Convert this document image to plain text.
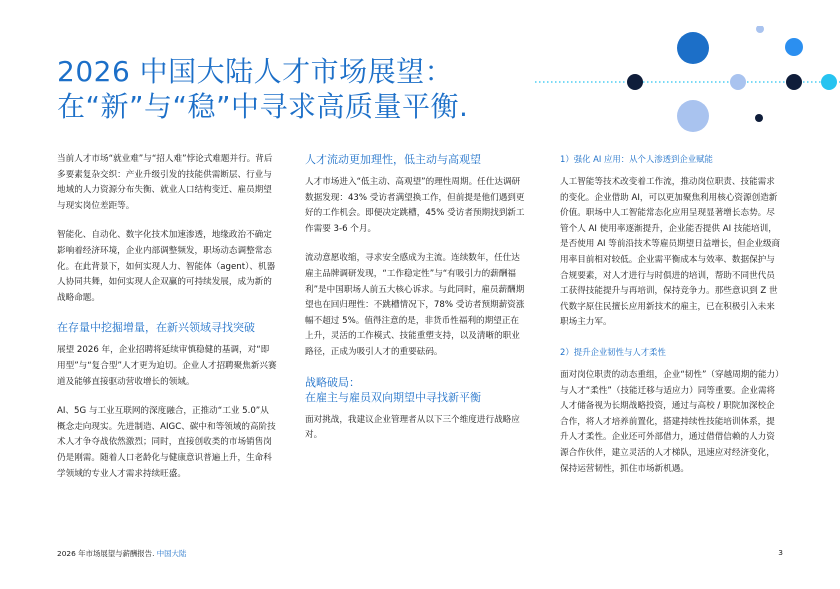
2026 中国大陆人才市场展望：
在“新”与“稳”中寻求高质量平衡.

当前人才市场“就业难”与“招人难”悖论式难题并行。背后多要素复杂交织：产业升级引发的技能供需断层、行业与地域的人力资源分布失衡、就业人口结构变迁、雇员期望与现实岗位差距等。

智能化、自动化、数字化技术加速渗透，地缘政治不确定影响着经济环境，企业内部调整频发，职场动态调整常态化。在此背景下，如何实现人力、智能体（agent）、机器人协同共舞，如何实现人企双赢的可持续发展，成为新的战略命题。

在存量中挖掘增量，在新兴领域寻找突破

展望 2026 年，企业招聘将延续审慎稳健的基调，对“即用型”与“复合型”人才更为迫切。企业人才招聘聚焦新兴赛道及能够直接驱动营收增长的领域。

AI、5G 与工业互联网的深度融合，正推动“工业 5.0”从概念走向现实。先进制造、AIGC、碳中和等领域的高阶技术人才争夺战依然激烈；同时，直接创收类的市场销售岗仍是刚需。随着人口老龄化与健康意识普遍上升，生命科学领域的专业人才需求持续旺盛。

人才流动更加理性，低主动与高观望

人才市场进入“低主动、高观望”的理性周期。任仕达调研数据发现：43% 受访者满望换工作，但前提是他们遇到更好的工作机会。即便决定跳槽，45% 受访者预期找到新工作需要 3-6 个月。

流动意愿收缩，寻求安全感成为主流。连续数年，任仕达雇主品牌调研发现，“工作稳定性”与“有吸引力的薪酬福利”是中国职场人前五大核心诉求。与此同时，雇员薪酬期望也在回归理性：不跳槽情况下，78% 受访者预期薪资涨幅不超过 5%。值得注意的是，非货币性福利的期望正在上升，灵活的工作模式、技能重塑支持，以及清晰的职业路径，正成为吸引人才的重要砝码。

战略破局：
在雇主与雇员双向期望中寻找新平衡

面对挑战，我建议企业管理者从以下三个维度进行战略应对。

1）强化 AI 应用：从个人渗透到企业赋能

人工智能等技术改变着工作流，推动岗位职责、技能需求的变化。企业借助 AI，可以更加聚焦利用核心资源创造新价值。职场中人工智能常态化应用呈现显著增长态势。尽管个人 AI 使用率逐渐提升，企业能否提供 AI 技能培训，是否使用 AI 等前沿技术等雇员期望日益增长，但企业级商用率目前相对较低。企业需平衡成本与效率、数据保护与合规要素，对人才进行与时俱进的培训，帮助不同世代员工获得技能提升与再培训，保持竞争力。那些意识到 Z 世代数字原住民擅长应用新技术的雇主，已在积极引入未来职场主力军。

2）提升企业韧性与人才柔性

面对岗位职责的动态重组，企业“韧性”（穿越周期的能力）与人才“柔性”（技能迁移与适应力）同等重要。企业需将人才储备视为长期战略投资，通过与高校 / 职院加深校企合作，将人才培养前置化，搭建持续性技能培训体系，提升人才柔性。企业还可外部借力，通过借借信赖的人力资源合作伙伴，建立灵活的人才梯队，迅速应对经济变化，保持运营韧性，抓住市场新机遇。

2026 年市场展望与薪酬报告. 中国大陆	3
